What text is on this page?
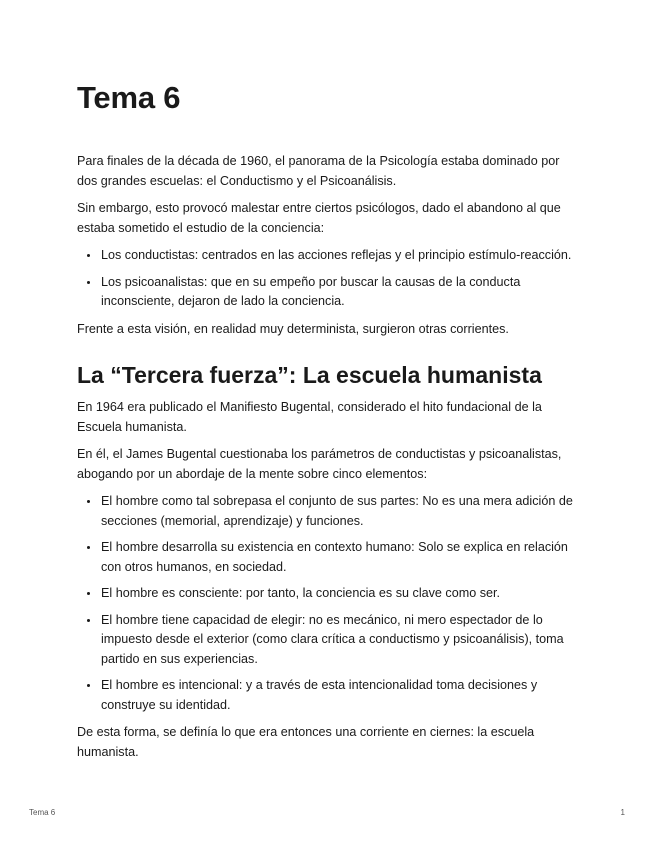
Tema 6

Para finales de la década de 1960, el panorama de la Psicología estaba dominado por dos grandes escuelas: el Conductismo y el Psicoanálisis.

Sin embargo, esto provocó malestar entre ciertos psicólogos, dado el abandono al que estaba sometido el estudio de la conciencia:

• Los conductistas: centrados en las acciones reflejas y el principio estímulo-reacción.
• Los psicoanalistas: que en su empeño por buscar la causas de la conducta inconsciente, dejaron de lado la conciencia.

Frente a esta visión, en realidad muy determinista, surgieron otras corrientes.

La “Tercera fuerza”: La escuela humanista

En 1964 era publicado el Manifiesto Bugental, considerado el hito fundacional de la Escuela humanista.

En él, el James Bugental cuestionaba los parámetros de conductistas y psicoanalistas, abogando por un abordaje de la mente sobre cinco elementos:

• El hombre como tal sobrepasa el conjunto de sus partes: No es una mera adición de secciones (memorial, aprendizaje) y funciones.
• El hombre desarrolla su existencia en contexto humano: Solo se explica en relación con otros humanos, en sociedad.
• El hombre es consciente: por tanto, la conciencia es su clave como ser.
• El hombre tiene capacidad de elegir: no es mecánico, ni mero espectador de lo impuesto desde el exterior (como clara crítica a conductismo y psicoanálisis), toma partido en sus experiencias.
• El hombre es intencional: y a través de esta intencionalidad toma decisiones y construye su identidad.

De esta forma, se definía lo que era entonces una corriente en ciernes: la escuela humanista.

Tema 6	1
